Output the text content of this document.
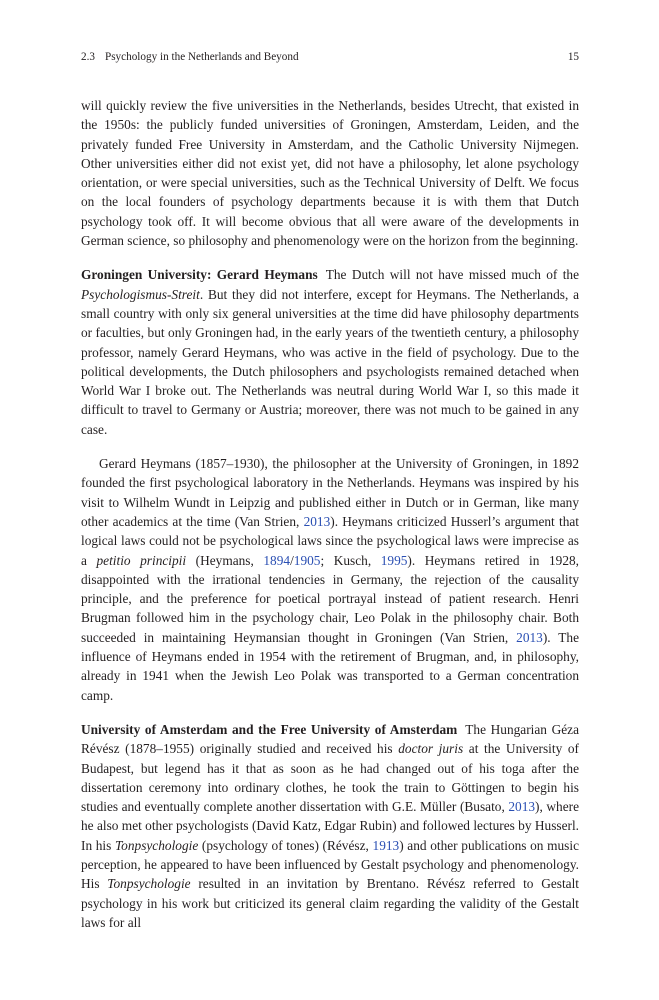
2.3 Psychology in the Netherlands and Beyond	15

will quickly review the five universities in the Netherlands, besides Utrecht, that existed in the 1950s: the publicly funded universities of Groningen, Amsterdam, Leiden, and the privately funded Free University in Amsterdam, and the Catholic University Nijmegen. Other universities either did not exist yet, did not have a philosophy, let alone psychology orientation, or were special universities, such as the Technical University of Delft. We focus on the local founders of psychology departments because it is with them that Dutch psychology took off. It will become obvious that all were aware of the developments in German science, so philosophy and phenomenology were on the horizon from the beginning.

Groningen University: Gerard Heymans The Dutch will not have missed much of the Psychologismus-Streit. But they did not interfere, except for Heymans. The Netherlands, a small country with only six general universities at the time did have philosophy departments or faculties, but only Groningen had, in the early years of the twentieth century, a philosophy professor, namely Gerard Heymans, who was active in the field of psychology. Due to the political developments, the Dutch philosophers and psychologists remained detached when World War I broke out. The Netherlands was neutral during World War I, so this made it difficult to travel to Germany or Austria; moreover, there was not much to be gained in any case.

Gerard Heymans (1857–1930), the philosopher at the University of Groningen, in 1892 founded the first psychological laboratory in the Netherlands. Heymans was inspired by his visit to Wilhelm Wundt in Leipzig and published either in Dutch or in German, like many other academics at the time (Van Strien, 2013). Heymans criticized Husserl’s argument that logical laws could not be psychological laws since the psychological laws were imprecise as a petitio principii (Heymans, 1894/1905; Kusch, 1995). Heymans retired in 1928, disappointed with the irrational tendencies in Germany, the rejection of the causality principle, and the preference for poetical portrayal instead of patient research. Henri Brugman followed him in the psychology chair, Leo Polak in the philosophy chair. Both succeeded in maintaining Heymansian thought in Groningen (Van Strien, 2013). The influence of Heymans ended in 1954 with the retirement of Brugman, and, in philosophy, already in 1941 when the Jewish Leo Polak was transported to a German concentration camp.

University of Amsterdam and the Free University of Amsterdam The Hungarian Géza Révész (1878–1955) originally studied and received his doctor juris at the University of Budapest, but legend has it that as soon as he had changed out of his toga after the dissertation ceremony into ordinary clothes, he took the train to Göttingen to begin his studies and eventually complete another dissertation with G.E. Müller (Busato, 2013), where he also met other psychologists (David Katz, Edgar Rubin) and followed lectures by Husserl. In his Tonpsychologie (psychology of tones) (Révész, 1913) and other publications on music perception, he appeared to have been influenced by Gestalt psychology and phenomenology. His Tonpsychologie resulted in an invitation by Brentano. Révész referred to Gestalt psychology in his work but criticized its general claim regarding the validity of the Gestalt laws for all
